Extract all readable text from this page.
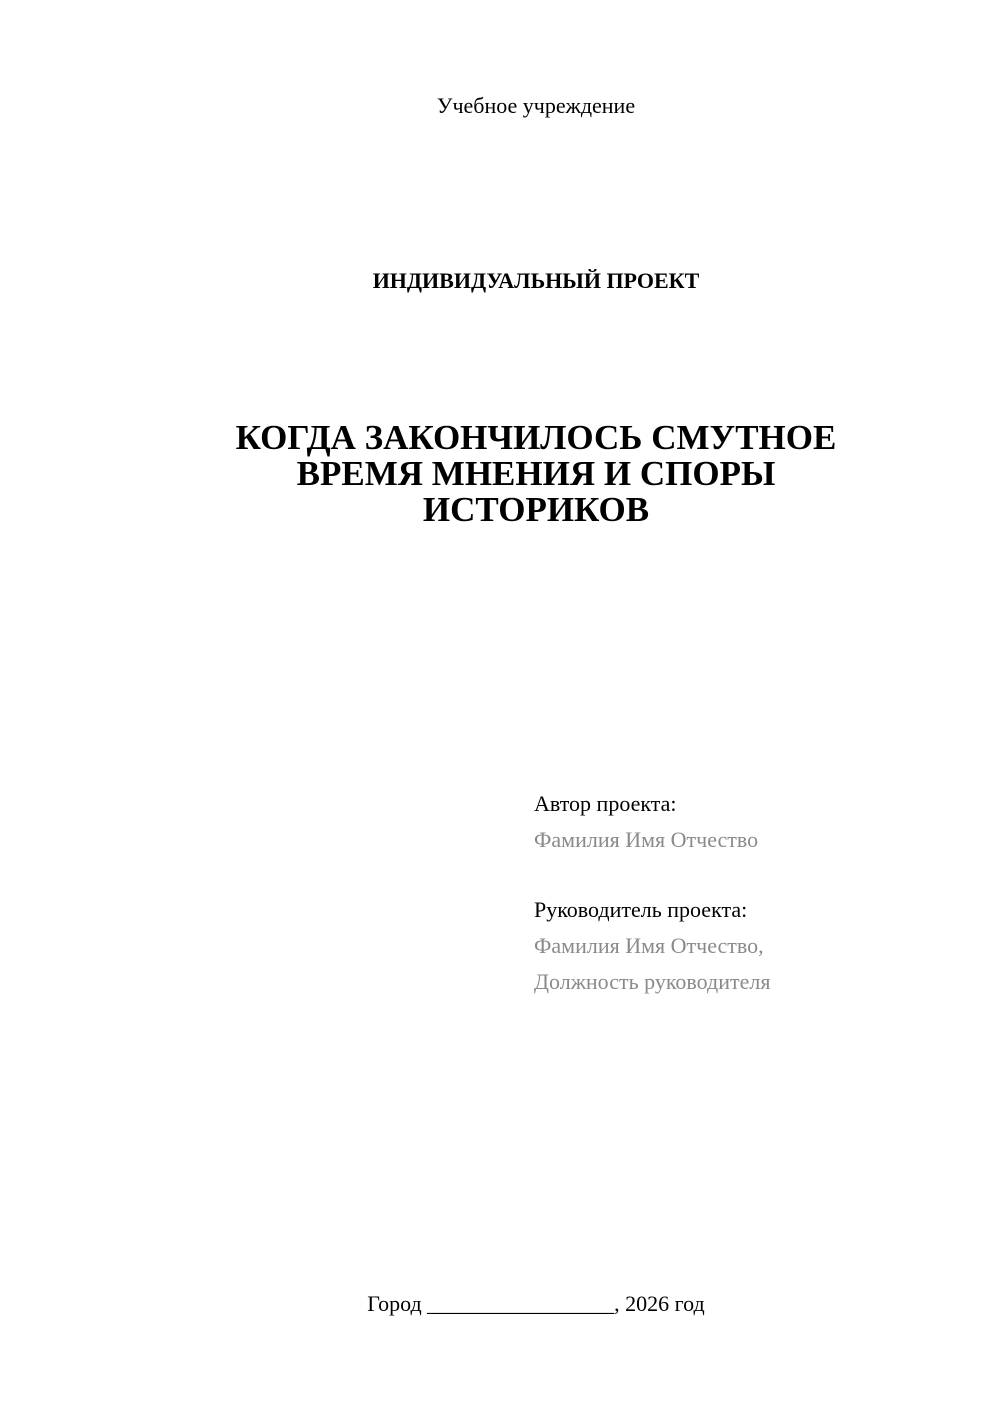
Учебное учреждение
ИНДИВИДУАЛЬНЫЙ ПРОЕКТ
КОГДА ЗАКОНЧИЛОСЬ СМУТНОЕ
ВРЕМЯ МНЕНИЯ И СПОРЫ
ИСТОРИКОВ
Автор проекта:
Фамилия Имя Отчество
Руководитель проекта:
Фамилия Имя Отчество,
Должность руководителя
Город _________________, 2026 год
